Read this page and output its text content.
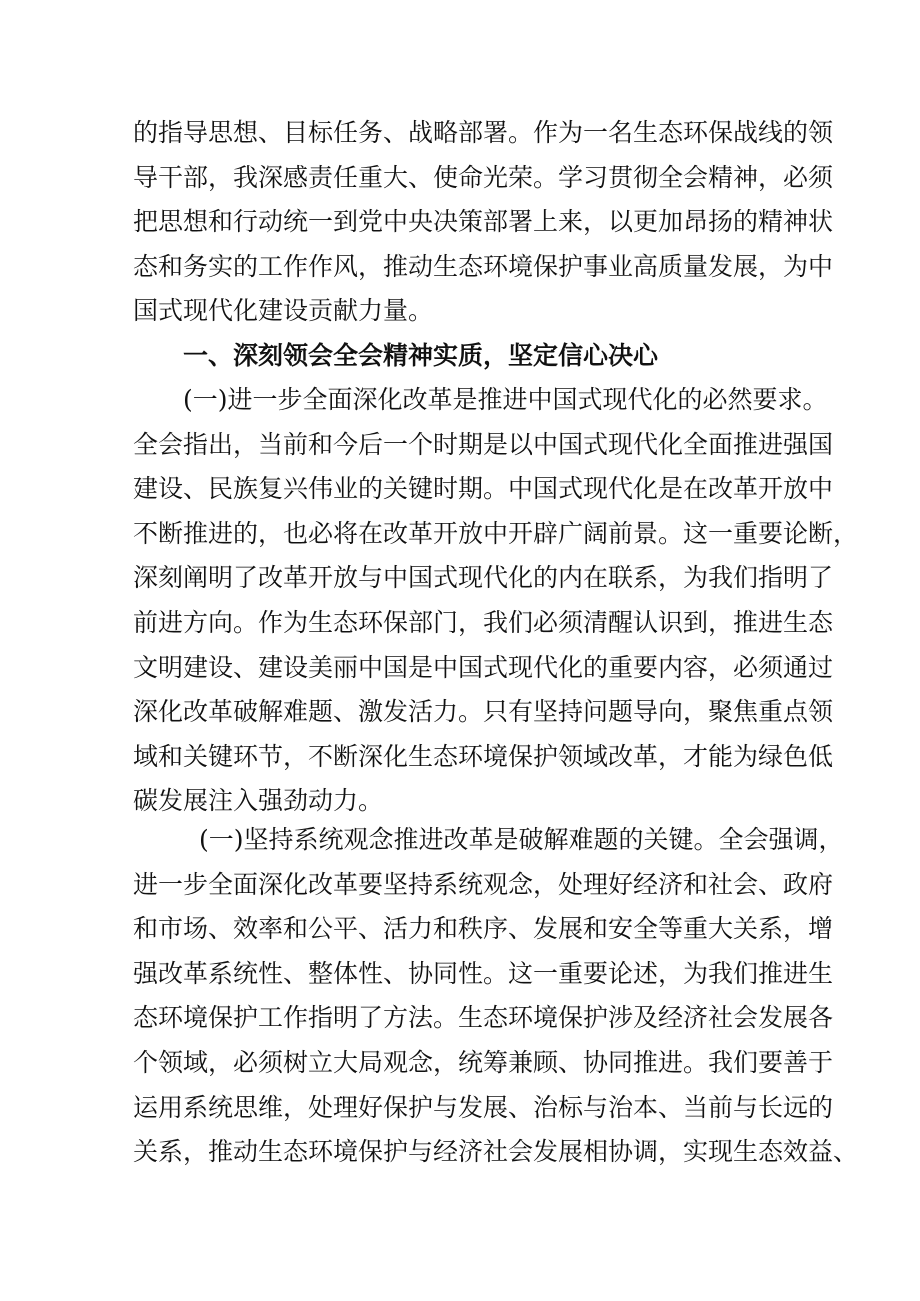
的指导思想、目标任务、战略部署。作为一名生态环保战线的领
导干部，我深感责任重大、使命光荣。学习贯彻全会精神，必须
把思想和行动统一到党中央决策部署上来，以更加昂扬的精神状
态和务实的工作作风，推动生态环境保护事业高质量发展，为中
国式现代化建设贡献力量。
一、深刻领会全会精神实质，坚定信心决心
(一)进一步全面深化改革是推进中国式现代化的必然要求。
全会指出，当前和今后一个时期是以中国式现代化全面推进强国
建设、民族复兴伟业的关键时期。中国式现代化是在改革开放中
不断推进的，也必将在改革开放中开辟广阔前景。这一重要论断，
深刻阐明了改革开放与中国式现代化的内在联系，为我们指明了
前进方向。作为生态环保部门，我们必须清醒认识到，推进生态
文明建设、建设美丽中国是中国式现代化的重要内容，必须通过
深化改革破解难题、激发活力。只有坚持问题导向，聚焦重点领
域和关键环节，不断深化生态环境保护领域改革，才能为绿色低
碳发展注入强劲动力。
(一)坚持系统观念推进改革是破解难题的关键。全会强调，
进一步全面深化改革要坚持系统观念，处理好经济和社会、政府
和市场、效率和公平、活力和秩序、发展和安全等重大关系，增
强改革系统性、整体性、协同性。这一重要论述，为我们推进生
态环境保护工作指明了方法。生态环境保护涉及经济社会发展各
个领域，必须树立大局观念，统筹兼顾、协同推进。我们要善于
运用系统思维，处理好保护与发展、治标与治本、当前与长远的
关系，推动生态环境保护与经济社会发展相协调，实现生态效益、
